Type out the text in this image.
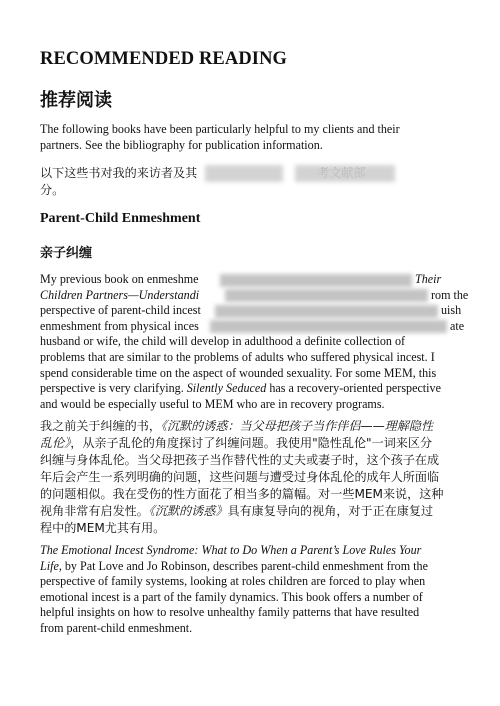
RECOMMENDED READING
推荐阅读

The following books have been particularly helpful to my clients and their
partners. See the bibliography for publication information.

以下这些书对我的来访者及其
分。

Parent-Child Enmeshment
亲子纠缠

My previous book on enmeshme	Their

Children Partners—Understandi	rom the

perspective of parent-child incest	uish

enmeshment from physical inces	ate

husband or wife, the child will develop in adulthood a definite collection of
problems that are similar to the problems of adults who suffered physical incest. I
spend considerable time on the aspect of wounded sexuality. For some MEM, this
perspective is very clarifying. Silently Seduced has a recovery-oriented perspective
and would be especially useful to MEM who are in recovery programs.

我之前关于纠缠的书，《沉默的诱惑：当父母把孩子当作伴侣——理解隐性
乱伦》，从亲子乱伦的角度探讨了纠缠问题。我使用"隐性乱伦"一词来区分
纠缠与身体乱伦。当父母把孩子当作替代性的丈夫或妻子时，这个孩子在成
年后会产生一系列明确的问题，这些问题与遭受过身体乱伦的成年人所面临
的问题相似。我在受伤的性方面花了相当多的篇幅。对一些MEM来说，这种
视角非常有启发性。《沉默的诱惑》具有康复导向的视角，对于正在康复过
程中的MEM尤其有用。

The Emotional Incest Syndrome: What to Do When a Parent’s Love Rules Your
Life, by Pat Love and Jo Robinson, describes parent-child enmeshment from the
perspective of family systems, looking at roles children are forced to play when
emotional incest is a part of the family dynamics. This book offers a number of
helpful insights on how to resolve unhealthy family patterns that have resulted
from parent-child enmeshment.
